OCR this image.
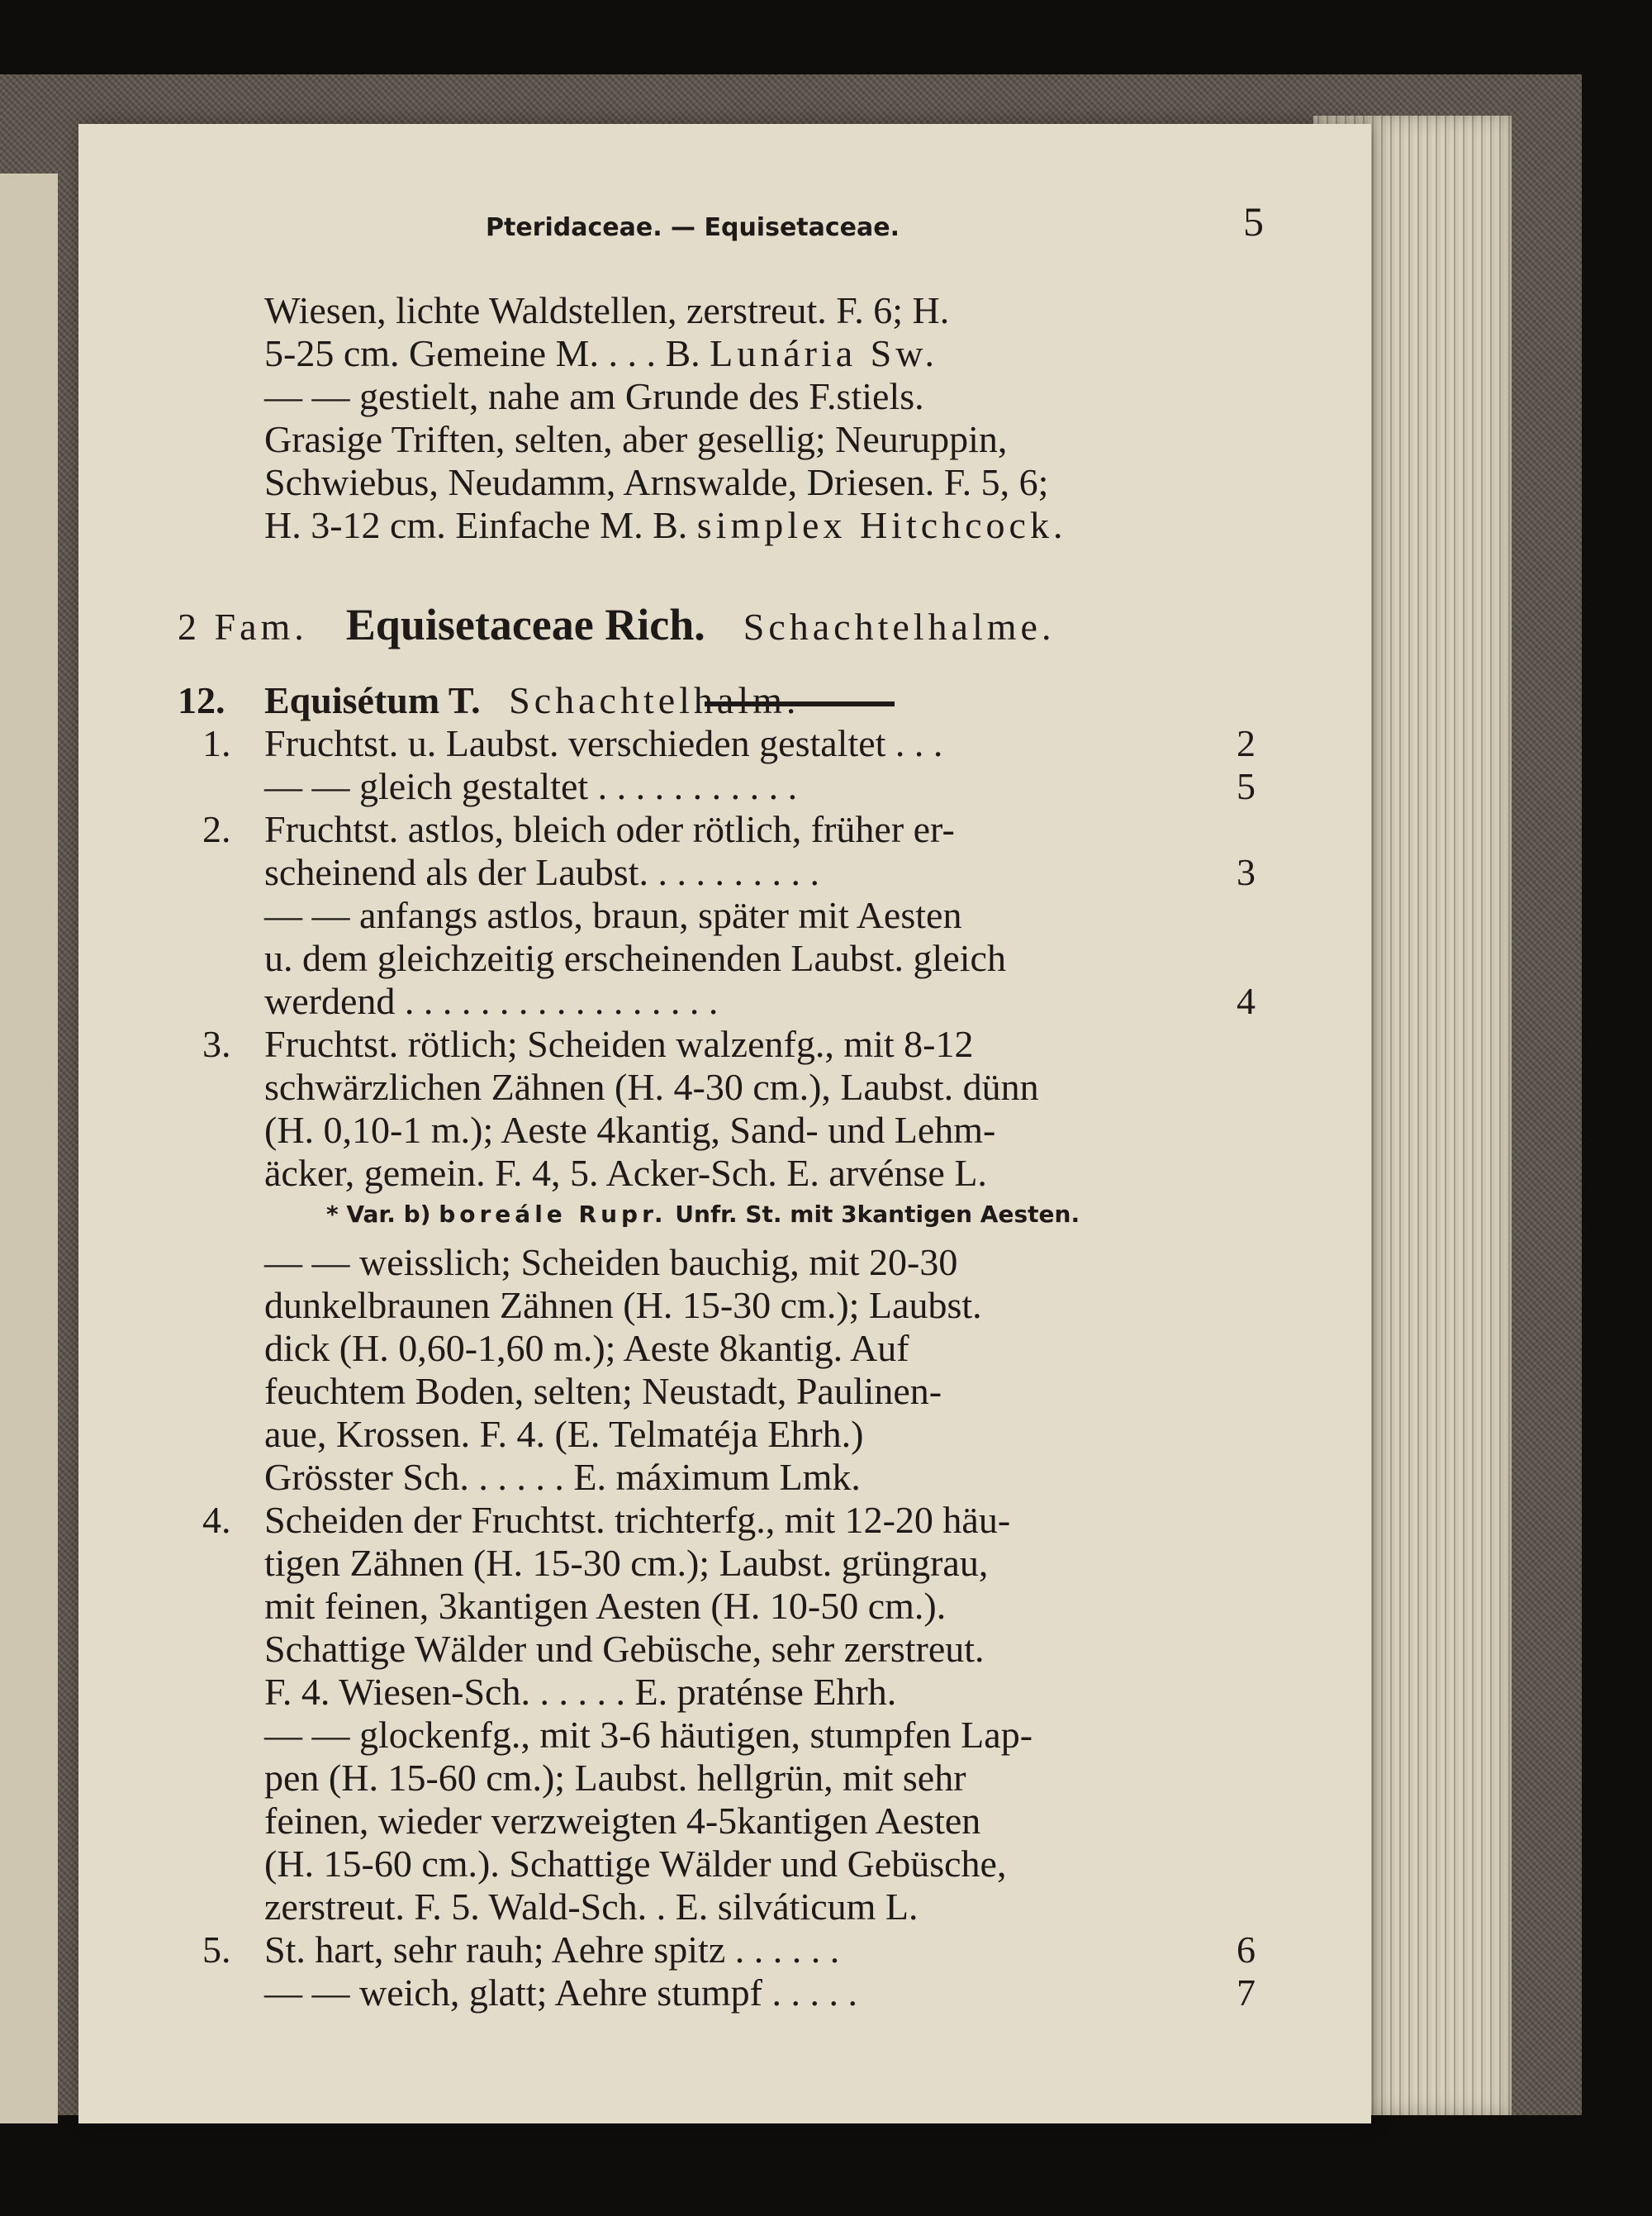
Pteridaceae. — Equisetaceae.	5
Wiesen, lichte Waldstellen, zerstreut. F. 6; H.
5-25 cm. Gemeine M. . . . B. Lunária Sw.
— — gestielt, nahe am Grunde des F.stiels.
Grasige Triften, selten, aber gesellig; Neuruppin,
Schwiebus, Neudamm, Arnswalde, Driesen. F. 5, 6;
H. 3-12 cm. Einfache M. B. simplex Hitchcock.
2 Fam. Equisetaceae Rich. Schachtelhalme.
12. Equisétum T. Schachtelhalm.
1. Fruchtst. u. Laubst. verschieden gestaltet . . .	2
— — gleich gestaltet . . . . . . . . . . .	5
2. Fruchtst. astlos, bleich oder rötlich, früher er-
scheinend als der Laubst. . . . . . . . . .	3
— — anfangs astlos, braun, später mit Aesten
u. dem gleichzeitig erscheinenden Laubst. gleich
werdend . . . . . . . . . . . . . . . . .	4
3. Fruchtst. rötlich; Scheiden walzenfg., mit 8-12
schwärzlichen Zähnen (H. 4-30 cm.), Laubst. dünn
(H. 0,10-1 m.); Aeste 4kantig, Sand- und Lehm-
äcker, gemein. F. 4, 5. Acker-Sch. E. arvénse L.
* Var. b) boreále Rupr. Unfr. St. mit 3kantigen Aesten.
— — weisslich; Scheiden bauchig, mit 20-30
dunkelbraunen Zähnen (H. 15-30 cm.); Laubst.
dick (H. 0,60-1,60 m.); Aeste 8kantig. Auf
feuchtem Boden, selten; Neustadt, Paulinen-
aue, Krossen. F. 4. (E. Telmatéja Ehrh.)
Grösster Sch. . . . . . E. máximum Lmk.
4. Scheiden der Fruchtst. trichterfg., mit 12-20 häu-
tigen Zähnen (H. 15-30 cm.); Laubst. grüngrau,
mit feinen, 3kantigen Aesten (H. 10-50 cm.).
Schattige Wälder und Gebüsche, sehr zerstreut.
F. 4. Wiesen-Sch. . . . . . E. praténse Ehrh.
— — glockenfg., mit 3-6 häutigen, stumpfen Lap-
pen (H. 15-60 cm.); Laubst. hellgrün, mit sehr
feinen, wieder verzweigten 4-5kantigen Aesten
(H. 15-60 cm.). Schattige Wälder und Gebüsche,
zerstreut. F. 5. Wald-Sch. . E. silváticum L.
5. St. hart, sehr rauh; Aehre spitz . . . . . .	6
— — weich, glatt; Aehre stumpf . . . . .	7
